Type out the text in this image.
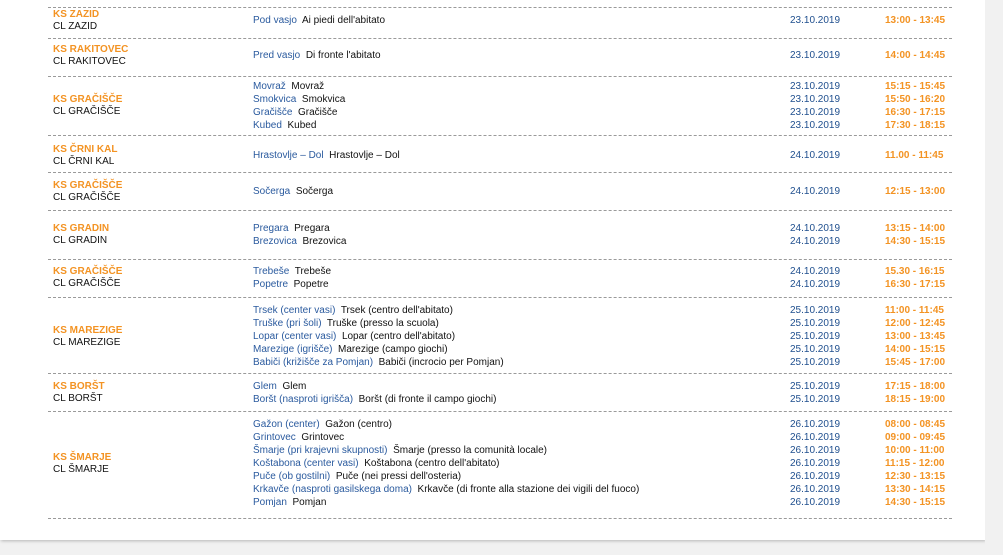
KS ZAZID
CL ZAZID	Pod vasjo Ai piedi dell'abitato	23.10.2019	13:00 - 13:45
KS RAKITOVEC
CL RAKITOVEC	Pred vasjo Di fronte l'abitato	23.10.2019	14:00 - 14:45
KS GRAČIŠČE
CL GRAČIŠČE
Movraž Movraž	23.10.2019	15:15 - 15:45
Smokvica Smokvica	23.10.2019	15:50 - 16:20
Gračišče Gračišče	23.10.2019	16:30 - 17:15
Kubed Kubed	23.10.2019	17:30 - 18:15
KS ČRNI KAL
CL ČRNI KAL	Hrastovlje – Dol Hrastovlje – Dol	24.10.2019	11.00 - 11:45
KS GRAČIŠČE
CL GRAČIŠČE	Sočerga Sočerga	24.10.2019	12:15 - 13:00
KS GRADIN
CL GRADIN
Pregara Pregara	24.10.2019	13:15 - 14:00
Brezovica Brezovica	24.10.2019	14:30 - 15:15
KS GRAČIŠČE
CL GRAČIŠČE
Trebeše Trebeše	24.10.2019	15.30 - 16:15
Popetre Popetre	24.10.2019	16:30 - 17:15
KS MAREZIGE
CL MAREZIGE
Trsek (center vasi) Trsek (centro dell'abitato)	25.10.2019	11:00 - 11:45
Truške (pri šoli) Truške (presso la scuola)	25.10.2019	12:00 - 12:45
Lopar (center vasi) Lopar (centro dell'abitato)	25.10.2019	13:00 - 13:45
Marezige (igrišče) Marezige (campo giochi)	25.10.2019	14:00 - 15:15
Babiči (križišče za Pomjan) Babiči (incrocio per Pomjan)	25.10.2019	15:45 - 17:00
KS BORŠT
CL BORŠT
Glem Glem	25.10.2019	17:15 - 18:00
Boršt (nasproti igrišča) Boršt (di fronte il campo giochi)	25.10.2019	18:15 - 19:00
KS ŠMARJE
CL ŠMARJE
Gažon (center) Gažon (centro)	26.10.2019	08:00 - 08:45
Grintovec Grintovec	26.10.2019	09:00 - 09:45
Šmarje (pri krajevni skupnosti) Šmarje (presso la comunità locale)	26.10.2019	10:00 - 11:00
Koštabona (center vasi) Koštabona (centro dell'abitato)	26.10.2019	11:15 - 12:00
Puče (ob gostilni) Puče (nei pressi dell'osteria)	26.10.2019	12:30 - 13:15
Krkavče (nasproti gasilskega doma) Krkavče (di fronte alla stazione dei vigili del fuoco)	26.10.2019	13:30 - 14:15
Pomjan Pomjan	26.10.2019	14:30 - 15:15
